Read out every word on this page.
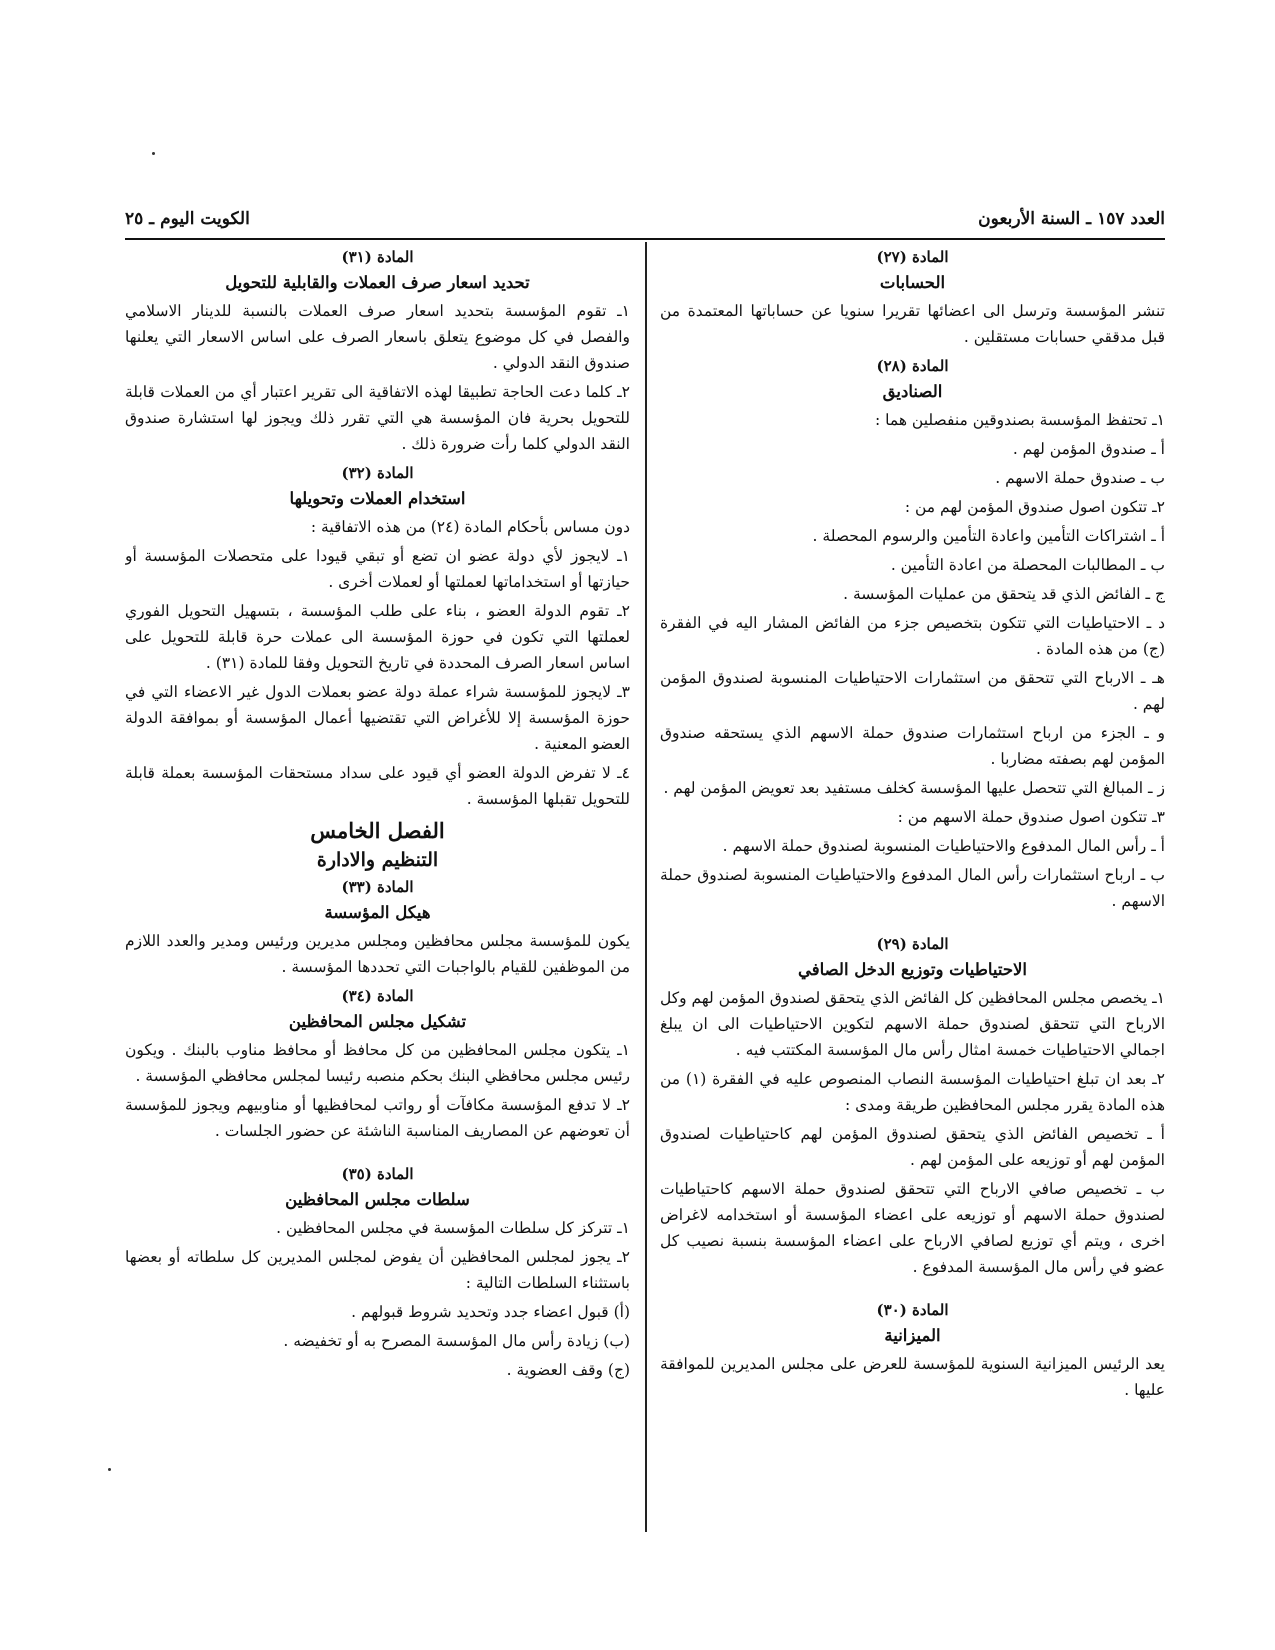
العدد ١٥٧ ـ السنة الأربعون
الكويت اليوم ـ ٢٥

المادة (٢٧)

الحسابات

تنشر المؤسسة وترسل الى اعضائها تقريرا سنويا عن حساباتها المعتمدة من قبل مدققي حسابات مستقلين .

المادة (٢٨)

الصناديق

١ـ تحتفظ المؤسسة بصندوقين منفصلين هما :

أ ـ صندوق المؤمن لهم .

ب ـ صندوق حملة الاسهم .

٢ـ تتكون اصول صندوق المؤمن لهم من :

أ ـ اشتراكات التأمين واعادة التأمين والرسوم المحصلة .

ب ـ المطالبات المحصلة من اعادة التأمين .

ج ـ الفائض الذي قد يتحقق من عمليات المؤسسة .

د ـ الاحتياطيات التي تتكون بتخصيص جزء من الفائض المشار اليه في الفقرة (ج) من هذه المادة .

هـ ـ الارباح التي تتحقق من استثمارات الاحتياطيات المنسوبة لصندوق المؤمن لهم .

و ـ الجزء من ارباح استثمارات صندوق حملة الاسهم الذي يستحقه صندوق المؤمن لهم بصفته مضاربا .

ز ـ المبالغ التي تتحصل عليها المؤسسة كخلف مستفيد بعد تعويض المؤمن لهم .

٣ـ تتكون اصول صندوق حملة الاسهم من :

أ ـ رأس المال المدفوع والاحتياطيات المنسوبة لصندوق حملة الاسهم .

ب ـ ارباح استثمارات رأس المال المدفوع والاحتياطيات المنسوبة لصندوق حملة الاسهم .

المادة (٢٩)

الاحتياطيات وتوزيع الدخل الصافي

١ـ يخصص مجلس المحافظين كل الفائض الذي يتحقق لصندوق المؤمن لهم وكل الارباح التي تتحقق لصندوق حملة الاسهم لتكوين الاحتياطيات الى ان يبلغ اجمالي الاحتياطيات خمسة امثال رأس مال المؤسسة المكتتب فيه .

٢ـ بعد ان تبلغ احتياطيات المؤسسة النصاب المنصوص عليه في الفقرة (١) من هذه المادة يقرر مجلس المحافظين طريقة ومدى :

أ ـ تخصيص الفائض الذي يتحقق لصندوق المؤمن لهم كاحتياطيات لصندوق المؤمن لهم أو توزيعه على المؤمن لهم .

ب ـ تخصيص صافي الارباح التي تتحقق لصندوق حملة الاسهم كاحتياطيات لصندوق حملة الاسهم أو توزيعه على اعضاء المؤسسة أو استخدامه لاغراض اخرى ، ويتم أي توزيع لصافي الارباح على اعضاء المؤسسة بنسبة نصيب كل عضو في رأس مال المؤسسة المدفوع .

المادة (٣٠)

الميزانية

يعد الرئيس الميزانية السنوية للمؤسسة للعرض على مجلس المديرين للموافقة عليها .

المادة (٣١)

تحديد اسعار صرف العملات والقابلية للتحويل

١ـ تقوم المؤسسة بتحديد اسعار صرف العملات بالنسبة للدينار الاسلامي والفصل في كل موضوع يتعلق باسعار الصرف على اساس الاسعار التي يعلنها صندوق النقد الدولي .

٢ـ كلما دعت الحاجة تطبيقا لهذه الاتفاقية الى تقرير اعتبار أي من العملات قابلة للتحويل بحرية فان المؤسسة هي التي تقرر ذلك ويجوز لها استشارة صندوق النقد الدولي كلما رأت ضرورة ذلك .

المادة (٣٢)

استخدام العملات وتحويلها

دون مساس بأحكام المادة (٢٤) من هذه الاتفاقية :

١ـ لايجوز لأي دولة عضو ان تضع أو تبقي قيودا على متحصلات المؤسسة أو حيازتها أو استخداماتها لعملتها أو لعملات أخرى .

٢ـ تقوم الدولة العضو ، بناء على طلب المؤسسة ، بتسهيل التحويل الفوري لعملتها التي تكون في حوزة المؤسسة الى عملات حرة قابلة للتحويل على اساس اسعار الصرف المحددة في تاريخ التحويل وفقا للمادة (٣١) .

٣ـ لايجوز للمؤسسة شراء عملة دولة عضو بعملات الدول غير الاعضاء التي في حوزة المؤسسة إلا للأغراض التي تقتضيها أعمال المؤسسة أو بموافقة الدولة العضو المعنية .

٤ـ لا تفرض الدولة العضو أي قيود على سداد مستحقات المؤسسة بعملة قابلة للتحويل تقبلها المؤسسة .

الفصل الخامس

التنظيم والادارة

المادة (٣٣)

هيكل المؤسسة

يكون للمؤسسة مجلس محافظين ومجلس مديرين ورئيس ومدير والعدد اللازم من الموظفين للقيام بالواجبات التي تحددها المؤسسة .

المادة (٣٤)

تشكيل مجلس المحافظين

١ـ يتكون مجلس المحافظين من كل محافظ أو محافظ مناوب بالبنك . ويكون رئيس مجلس محافظي البنك بحكم منصبه رئيسا لمجلس محافظي المؤسسة .

٢ـ لا تدفع المؤسسة مكافآت أو رواتب لمحافظيها أو مناوبيهم ويجوز للمؤسسة أن تعوضهم عن المصاريف المناسبة الناشئة عن حضور الجلسات .

المادة (٣٥)

سلطات مجلس المحافظين

١ـ تتركز كل سلطات المؤسسة في مجلس المحافظين .

٢ـ يجوز لمجلس المحافظين أن يفوض لمجلس المديرين كل سلطاته أو بعضها باستثناء السلطات التالية :

(أ) قبول اعضاء جدد وتحديد شروط قبولهم .

(ب) زيادة رأس مال المؤسسة المصرح به أو تخفيضه .

(ج) وقف العضوية .
